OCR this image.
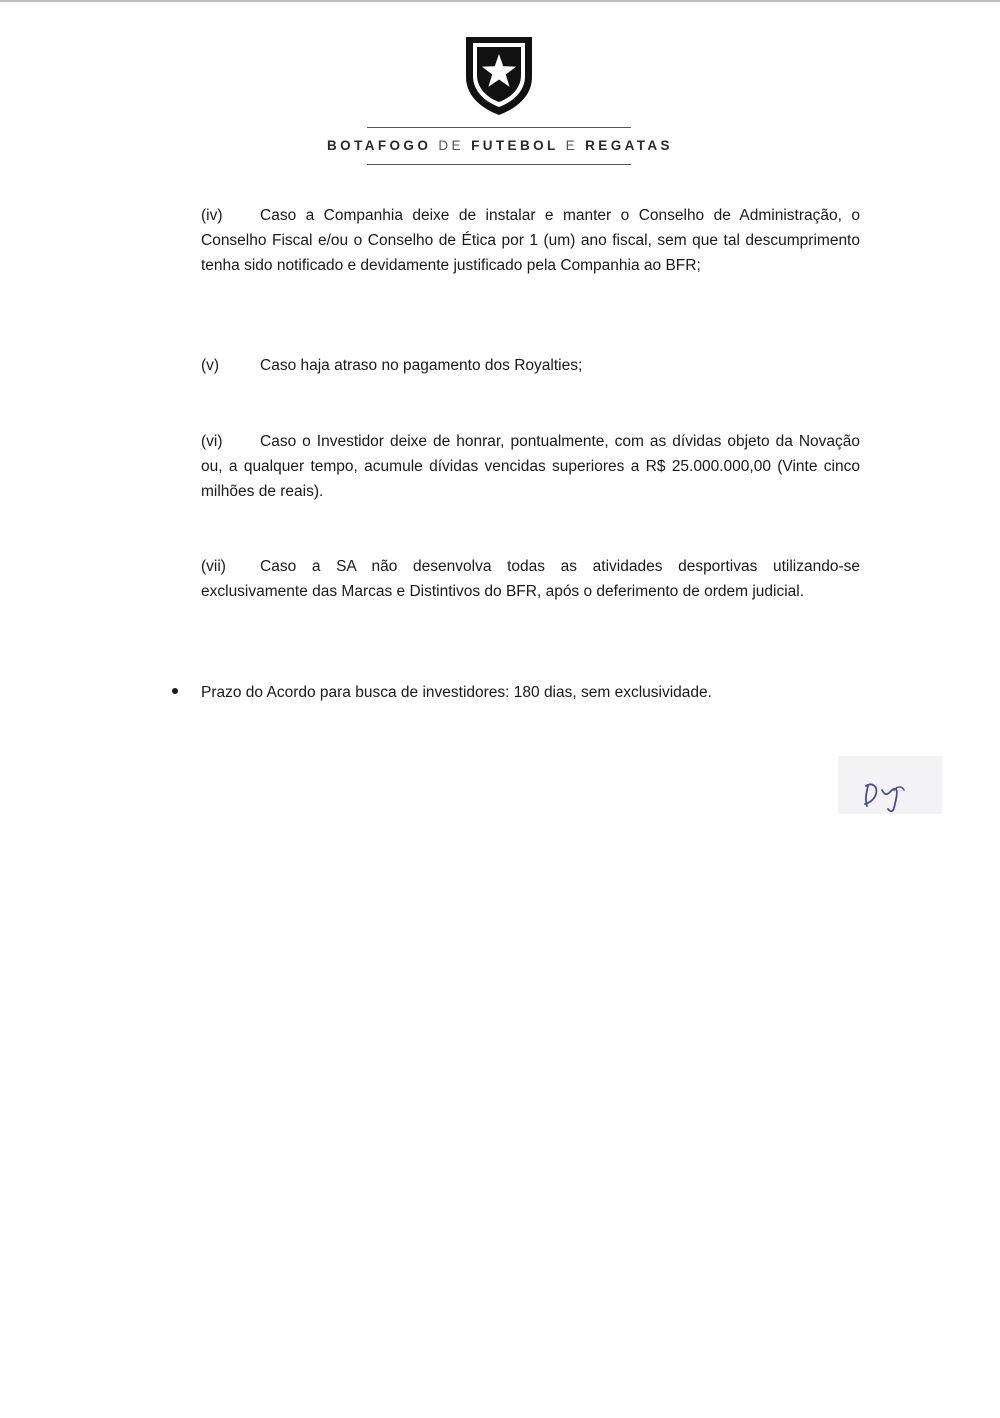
BOTAFOGO DE FUTEBOL E REGATAS
(iv) Caso a Companhia deixe de instalar e manter o Conselho de Administração, o Conselho Fiscal e/ou o Conselho de Ética por 1 (um) ano fiscal, sem que tal descumprimento tenha sido notificado e devidamente justificado pela Companhia ao BFR;
(v)	Caso haja atraso no pagamento dos Royalties;
(vi) Caso o Investidor deixe de honrar, pontualmente, com as dívidas objeto da Novação ou, a qualquer tempo, acumule dívidas vencidas superiores a R$ 25.000.000,00 (Vinte cinco milhões de reais).
(vii) Caso a SA não desenvolva todas as atividades desportivas utilizando-se exclusivamente das Marcas e Distintivos do BFR, após o deferimento de ordem judicial.
Prazo do Acordo para busca de investidores: 180 dias, sem exclusividade.
